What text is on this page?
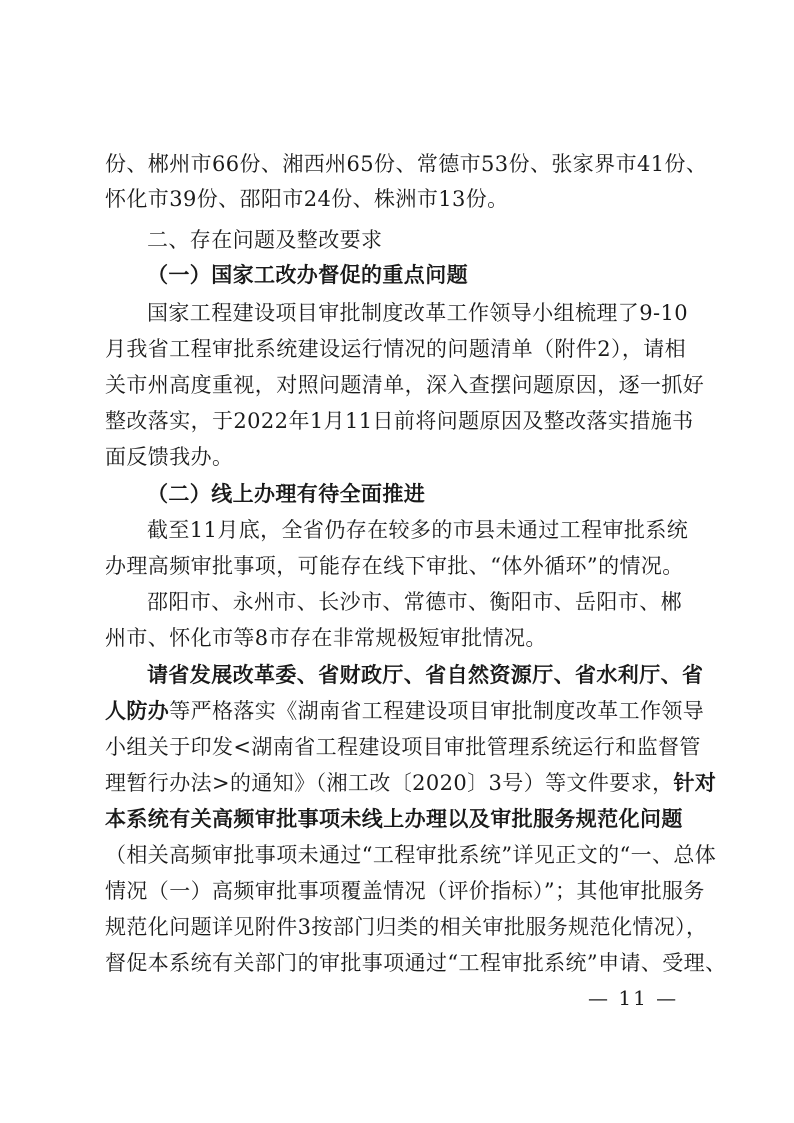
份、郴州市66份、湘西州65份、常德市53份、张家界市41份、
怀化市39份、邵阳市24份、株洲市13份。
二、存在问题及整改要求
（一）国家工改办督促的重点问题
国家工程建设项目审批制度改革工作领导小组梳理了9-10
月我省工程审批系统建设运行情况的问题清单（附件2），请相
关市州高度重视，对照问题清单，深入查摆问题原因，逐一抓好
整改落实，于2022年1月11日前将问题原因及整改落实措施书
面反馈我办。
（二）线上办理有待全面推进
截至11月底，全省仍存在较多的市县未通过工程审批系统
办理高频审批事项，可能存在线下审批、“体外循环”的情况。
邵阳市、永州市、长沙市、常德市、衡阳市、岳阳市、郴
州市、怀化市等8市存在非常规极短审批情况。
请省发展改革委、省财政厅、省自然资源厅、省水利厅、省
人防办等严格落实《湖南省工程建设项目审批制度改革工作领导
小组关于印发<湖南省工程建设项目审批管理系统运行和监督管
理暂行办法>的通知》（湘工改〔2020〕3号）等文件要求，针对
本系统有关高频审批事项未线上办理以及审批服务规范化问题
（相关高频审批事项未通过“工程审批系统”详见正文的“一、总体
情况（一）高频审批事项覆盖情况（评价指标）”；其他审批服务
规范化问题详见附件3按部门归类的相关审批服务规范化情况），
督促本系统有关部门的审批事项通过“工程审批系统”申请、受理、
— 11 —
